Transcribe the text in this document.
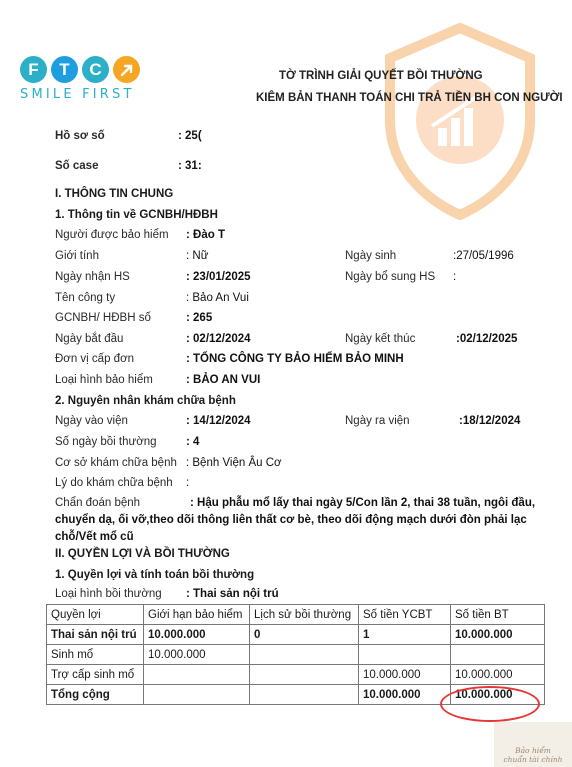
F	T	C
SMILE FIRST
TỜ TRÌNH GIẢI QUYẾT BỒI THƯỜNG
KIÊM BẢN THANH TOÁN CHI TRẢ TIỀN BH CON NGƯỜI
Hồ sơ số	: 25(
Số case	: 31:
I. THÔNG TIN CHUNG
1. Thông tin về GCNBH/HĐBH
Người được bảo hiểm : Đào T
Giới tính	: Nữ	Ngày sinh	:27/05/1996
Ngày nhận HS	: 23/01/2025	Ngày bổ sung HS :
Tên công ty	: Bảo An Vui
GCNBH/ HĐBH số	: 265
Ngày bắt đầu	: 02/12/2024	Ngày kết thúc	:02/12/2025
Đơn vị cấp đơn	: TỔNG CÔNG TY BẢO HIỂM BẢO MINH
Loại hình bảo hiểm	: BẢO AN VUI
2. Nguyên nhân khám chữa bệnh
Ngày vào viện	: 14/12/2024	Ngày ra viện	:18/12/2024
Số ngày bồi thường	: 4
Cơ sở khám chữa bệnh : Bệnh Viện Âu Cơ
Lý do khám chữa bệnh :
Chẩn đoán bệnh	: Hậu phẫu mổ lấy thai ngày 5/Con lần 2, thai 38 tuần, ngôi đầu,
chuyển dạ, ối vỡ,theo dõi thông liên thất cơ bè, theo dõi động mạch dưới đòn phải lạc
chỗ/Vết mổ cũ
II. QUYỀN LỢI VÀ BỒI THƯỜNG
1. Quyền lợi và tính toán bồi thường
Loại hình bồi thường : Thai sản nội trú
Quyền lợi	Giới hạn bảo hiểm	Lịch sử bồi thường	Số tiền YCBT	Số tiền BT
Thai sản nội trú	10.000.000	0	1	10.000.000
Sinh mổ	10.000.000			
Trợ cấp sinh mổ			10.000.000	10.000.000
Tổng cộng			10.000.000	10.000.000
Bảo hiểm
chuẩn tài chính
